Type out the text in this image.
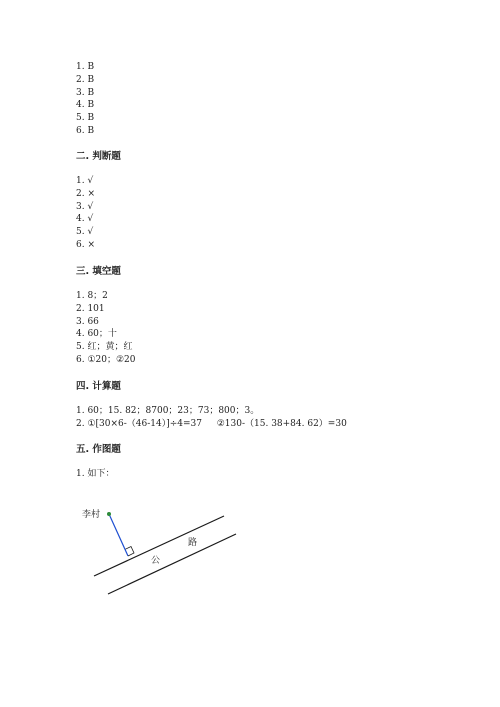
1. B
2. B
3. B
4. B
5. B
6. B
二. 判断题
1. √
2. ×
3. √
4. √
5. √
6. ×
三. 填空题
1. 8；2
2. 101
3. 66
4. 60；十
5. 红；黄；红
6. ①20；②20
四. 计算题
1. 60；15. 82；8700；23；73；800；3。
2. ①[30×6-（46-14）]÷4=37　  ②130-（15. 38+84. 62）=30
五. 作图题
1. 如下：
李村
公
路
